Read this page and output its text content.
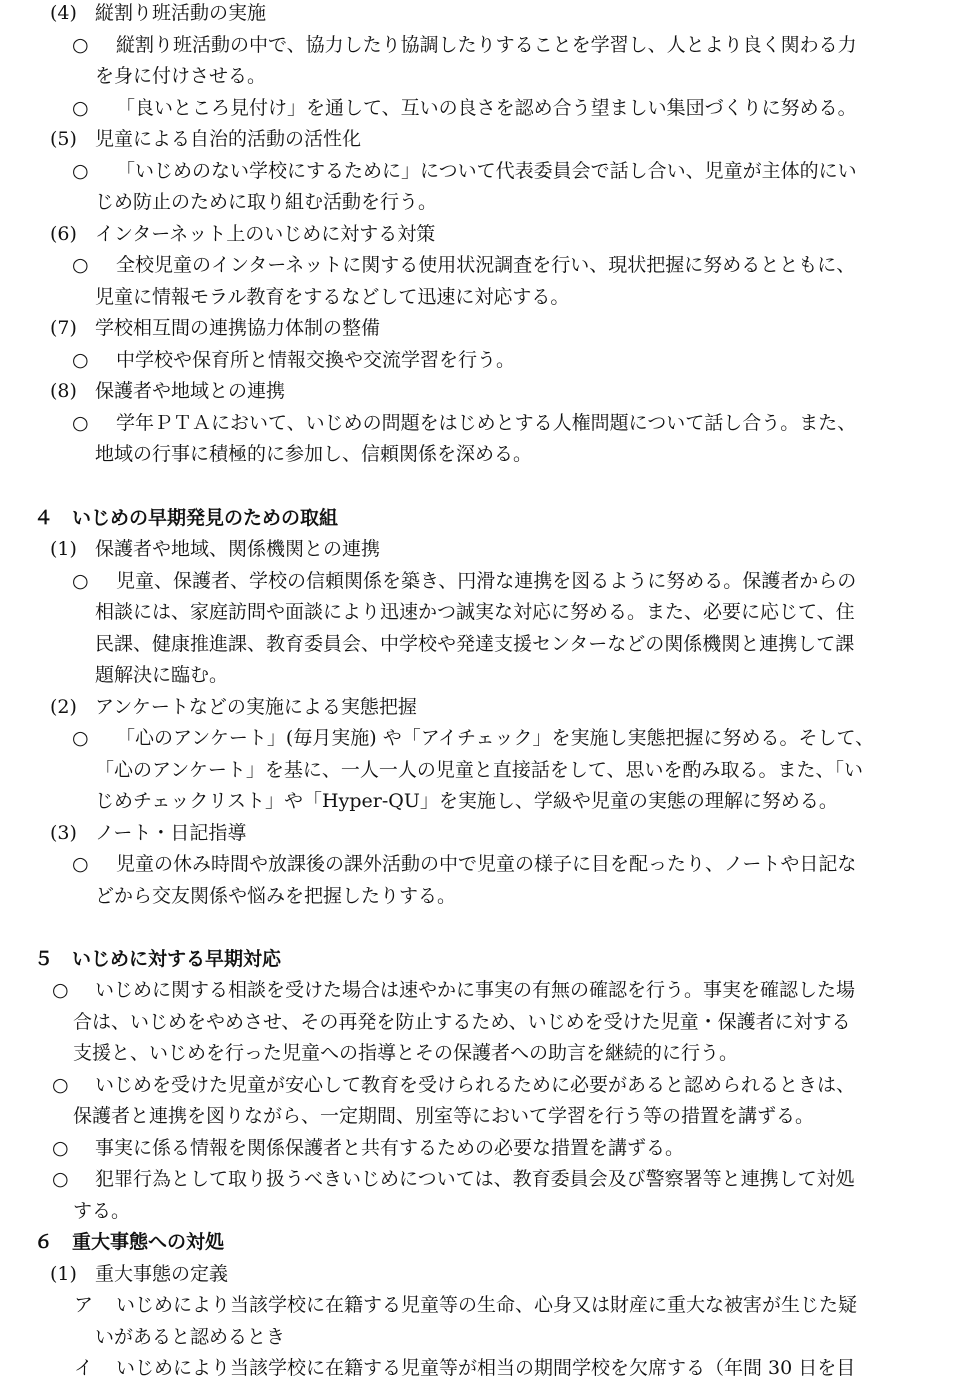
(4) 縦割り班活動の実施
○ 縦割り班活動の中で、協力したり協調したりすることを学習し、人とより良く関わる力
を身に付けさせる。
○ 「良いところ見付け」を通して、互いの良さを認め合う望ましい集団づくりに努める。
(5) 児童による自治的活動の活性化
○ 「いじめのない学校にするために」について代表委員会で話し合い、児童が主体的にい
じめ防止のために取り組む活動を行う。
(6) インターネット上のいじめに対する対策
○ 全校児童のインターネットに関する使用状況調査を行い、現状把握に努めるとともに、
児童に情報モラル教育をするなどして迅速に対応する。
(7) 学校相互間の連携協力体制の整備
○ 中学校や保育所と情報交換や交流学習を行う。
(8) 保護者や地域との連携
○ 学年ＰＴＡにおいて、いじめの問題をはじめとする人権問題について話し合う。また、
地域の行事に積極的に参加し、信頼関係を深める。
４　いじめの早期発見のための取組
(1) 保護者や地域、関係機関との連携
○ 児童、保護者、学校の信頼関係を築き、円滑な連携を図るように努める。保護者からの
相談には、家庭訪問や面談により迅速かつ誠実な対応に努める。また、必要に応じて、住
民課、健康推進課、教育委員会、中学校や発達支援センターなどの関係機関と連携して課
題解決に臨む。
(2) アンケートなどの実施による実態把握
○ 「心のアンケート」(毎月実施) や「アイチェック」を実施し実態把握に努める。そして、
「心のアンケート」を基に、一人一人の児童と直接話をして、思いを酌み取る。また、「い
じめチェックリスト」や「Hyper-QU」を実施し、学級や児童の実態の理解に努める。
(3) ノート・日記指導
○ 児童の休み時間や放課後の課外活動の中で児童の様子に目を配ったり、ノートや日記な
どから交友関係や悩みを把握したりする。
５　いじめに対する早期対応
○ いじめに関する相談を受けた場合は速やかに事実の有無の確認を行う。事実を確認した場
合は、いじめをやめさせ、その再発を防止するため、いじめを受けた児童・保護者に対する
支援と、いじめを行った児童への指導とその保護者への助言を継続的に行う。
○ いじめを受けた児童が安心して教育を受けられるために必要があると認められるときは、
保護者と連携を図りながら、一定期間、別室等において学習を行う等の措置を講ずる。
○ 事実に係る情報を関係保護者と共有するための必要な措置を講ずる。
○ 犯罪行為として取り扱うべきいじめについては、教育委員会及び警察署等と連携して対処
する。
６　重大事態への対処
(1) 重大事態の定義
ア いじめにより当該学校に在籍する児童等の生命、心身又は財産に重大な被害が生じた疑
いがあると認めるとき
イ いじめにより当該学校に在籍する児童等が相当の期間学校を欠席する（年間 30 日を目
